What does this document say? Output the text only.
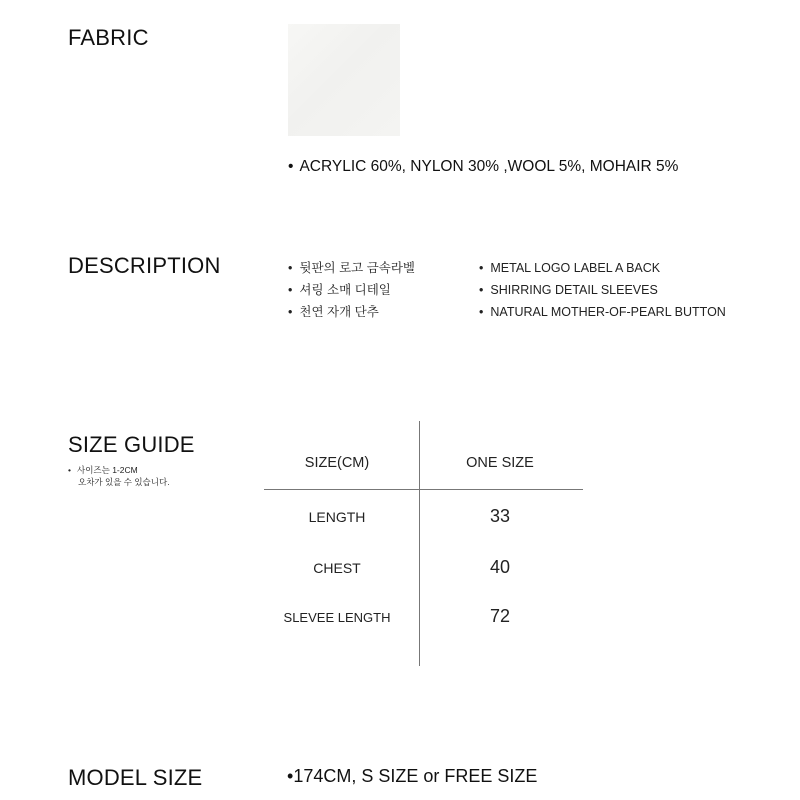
FABRIC
• ACRYLIC 60%, NYLON 30% ,WOOL 5%, MOHAIR 5%
DESCRIPTION	• 뒷판의 로고 금속라벨
• 셔링 소매 디테일
• 천연 자개 단추
• METAL LOGO LABEL A BACK
• SHIRRING DETAIL SLEEVES
• NATURAL MOTHER-OF-PEARL BUTTON
SIZE GUIDE
• 사이즈는 1-2CM
오차가 있을 수 있습니다.
SIZE(CM)	ONE SIZE
LENGTH	33
CHEST	40
SLEVEE LENGTH	72
MODEL SIZE	•174CM, S SIZE or FREE SIZE
